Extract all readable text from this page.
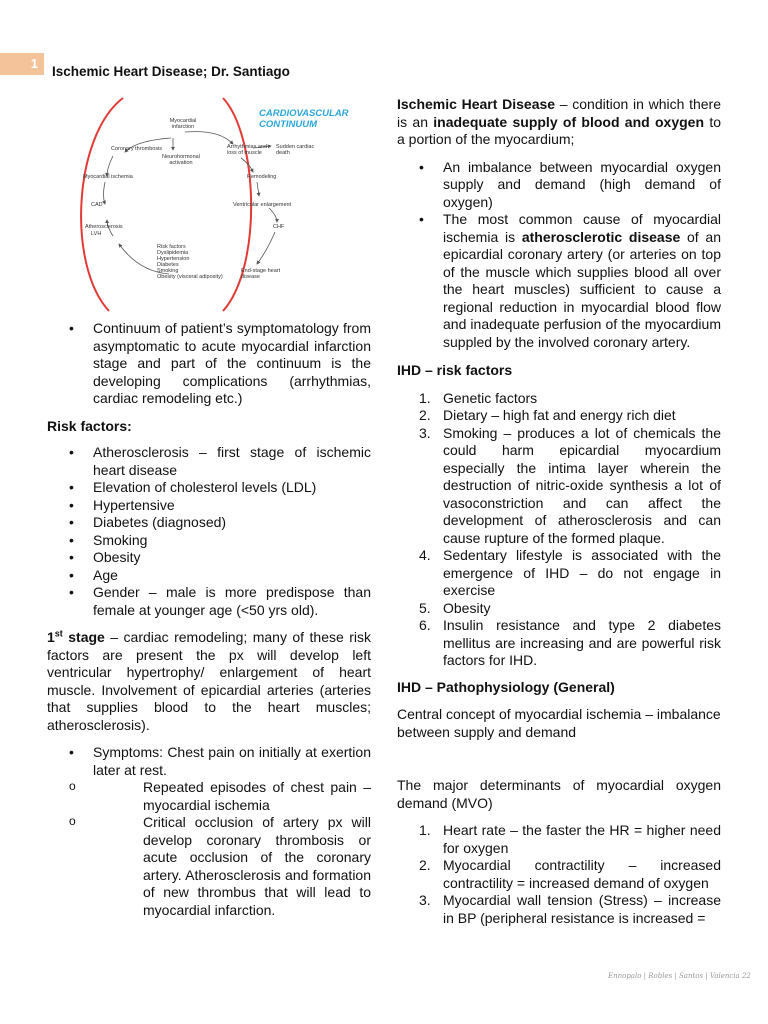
1
Ischemic Heart Disease; Dr. Santiago
CARDIOVASCULAR
CONTINUUM
Myocardial infarction
Coronary thrombosis	Arrhythmias and loss of muscle
Sudden cardiac death
Neurohormonal activation
Myocardial ischemia	Remodeling
CAD	Ventricular enlargement
Atherosclerosis
LVH
CHF
Risk factors
Dyslipidemia
Hypertension
Diabetes
Smoking
Obesity (visceral adiposity)
End-stage heart disease
• Continuum of patient’s symptomatology from asymptomatic to acute myocardial infarction stage and part of the continuum is the developing complications (arrhythmias, cardiac remodeling etc.)

Risk factors:

• Atherosclerosis – first stage of ischemic heart disease
• Elevation of cholesterol levels (LDL)
• Hypertensive
• Diabetes (diagnosed)
• Smoking
• Obesity
• Age
• Gender – male is more predispose than female at younger age (<50 yrs old).

1st stage – cardiac remodeling; many of these risk factors are present the px will develop left ventricular hypertrophy/ enlargement of heart muscle. Involvement of epicardial arteries (arteries that supplies blood to the heart muscles; atherosclerosis).

• Symptoms: Chest pain on initially at exertion later at rest.
o Repeated episodes of chest pain – myocardial ischemia
o Critical occlusion of artery px will develop coronary thrombosis or acute occlusion of the coronary artery. Atherosclerosis and formation of new thrombus that will lead to myocardial infarction.

Ischemic Heart Disease – condition in which there is an inadequate supply of blood and oxygen to a portion of the myocardium;

• An imbalance between myocardial oxygen supply and demand (high demand of oxygen)
• The most common cause of myocardial ischemia is atherosclerotic disease of an epicardial coronary artery (or arteries on top of the muscle which supplies blood all over the heart muscles) sufficient to cause a regional reduction in myocardial blood flow and inadequate perfusion of the myocardium suppled by the involved coronary artery.

IHD – risk factors

1. Genetic factors
2. Dietary – high fat and energy rich diet
3. Smoking – produces a lot of chemicals the could harm epicardial myocardium especially the intima layer wherein the destruction of nitric-oxide synthesis a lot of vasoconstriction and can affect the development of atherosclerosis and can cause rupture of the formed plaque.
4. Sedentary lifestyle is associated with the emergence of IHD – do not engage in exercise
5. Obesity
6. Insulin resistance and type 2 diabetes mellitus are increasing and are powerful risk factors for IHD.

IHD – Pathophysiology (General)

Central concept of myocardial ischemia – imbalance between supply and demand

The major determinants of myocardial oxygen demand (MVO)

1. Heart rate – the faster the HR = higher need for oxygen
2. Myocardial contractility – increased contractility = increased demand of oxygen
3. Myocardial wall tension (Stress) – increase in BP (peripheral resistance is increased =
Ennopalo | Robles | Santos | Valencia 22
